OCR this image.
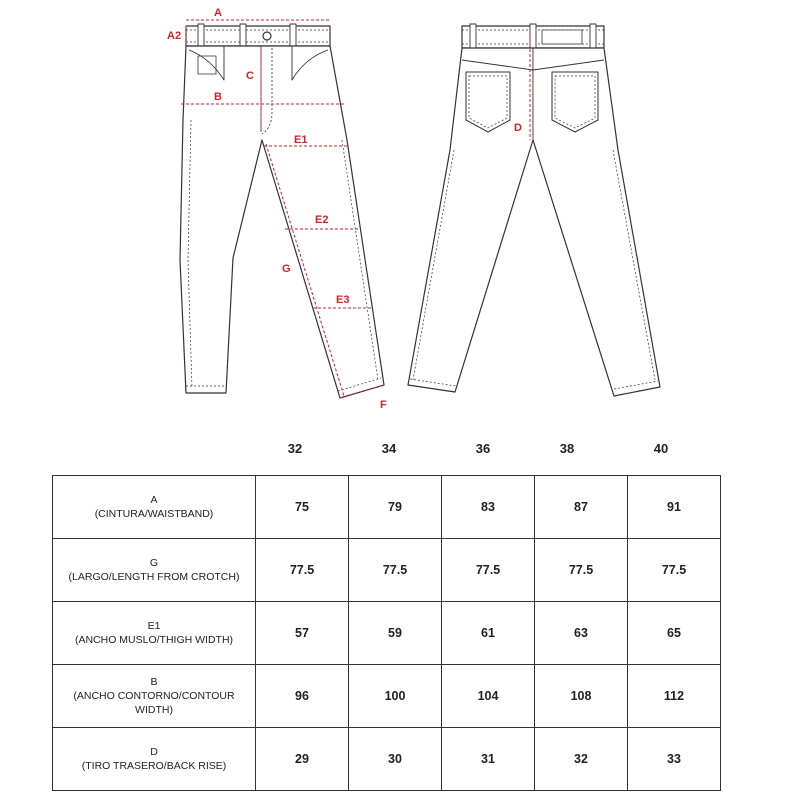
A
A2
B
C
E1
E2
E3
G
F
D
32	34	36	38	40
A
(CINTURA/WAISTBAND)	75	79	83	87	91
G
(LARGO/LENGTH FROM CROTCH)	77.5	77.5	77.5	77.5	77.5
E1
(ANCHO MUSLO/THIGH WIDTH)	57	59	61	63	65
B
(ANCHO CONTORNO/CONTOUR
WIDTH)	96	100	104	108	112
D
(TIRO TRASERO/BACK RISE)	29	30	31	32	33
